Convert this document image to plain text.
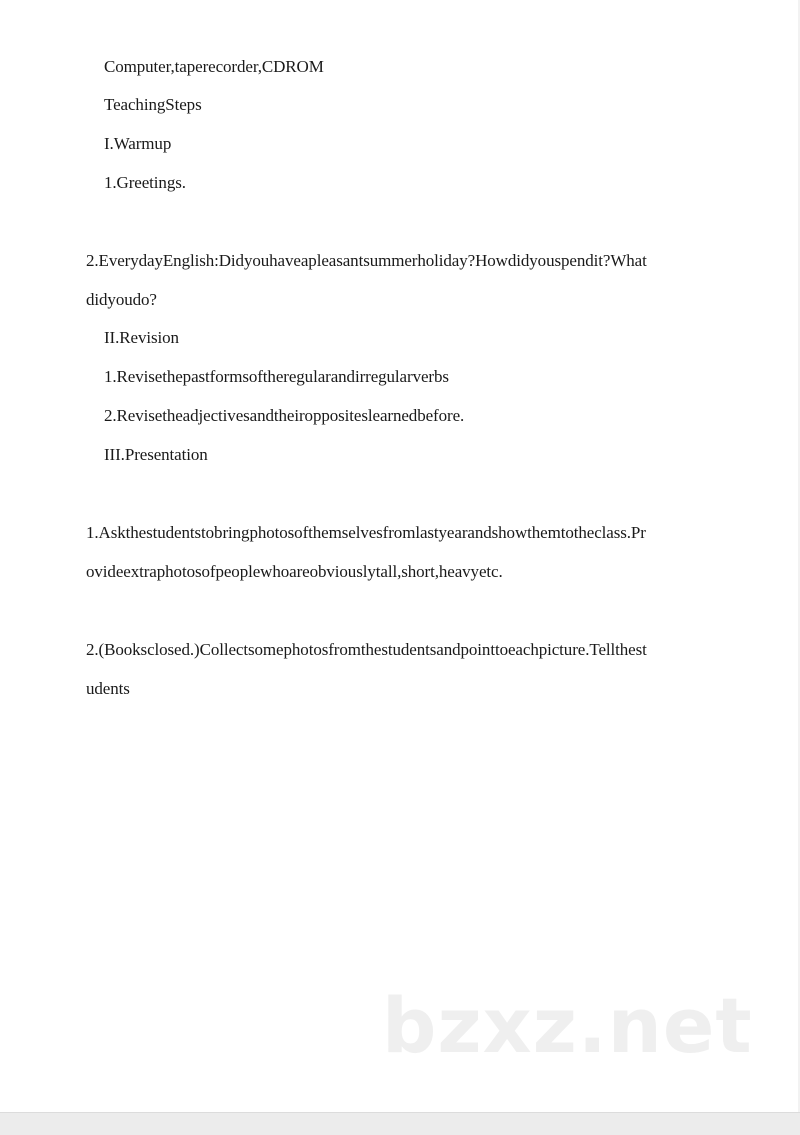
Computer,taperecorder,CDROM
TeachingSteps
I.Warmup
1.Greetings.
2.EverydayEnglish:Didyouhaveapleasantsummerholiday?Howdidyouspendit?What
didyoudo?
II.Revision
1.Revisethepastformsoftheregularandirregularverbs
2.Revisetheadjectivesandtheiroppositeslearnedbefore.
III.Presentation
1.Askthestudentstobringphotosofthemselvesfromlastyearandshowthemtotheclass.Pr
ovideextraphotosofpeoplewhoareobviouslytall,short,heavyetc.
2.(Booksclosed.)Collectsomephotosfromthestudentsandpointtoeachpicture.Tellthest
udents
bzxz.net
